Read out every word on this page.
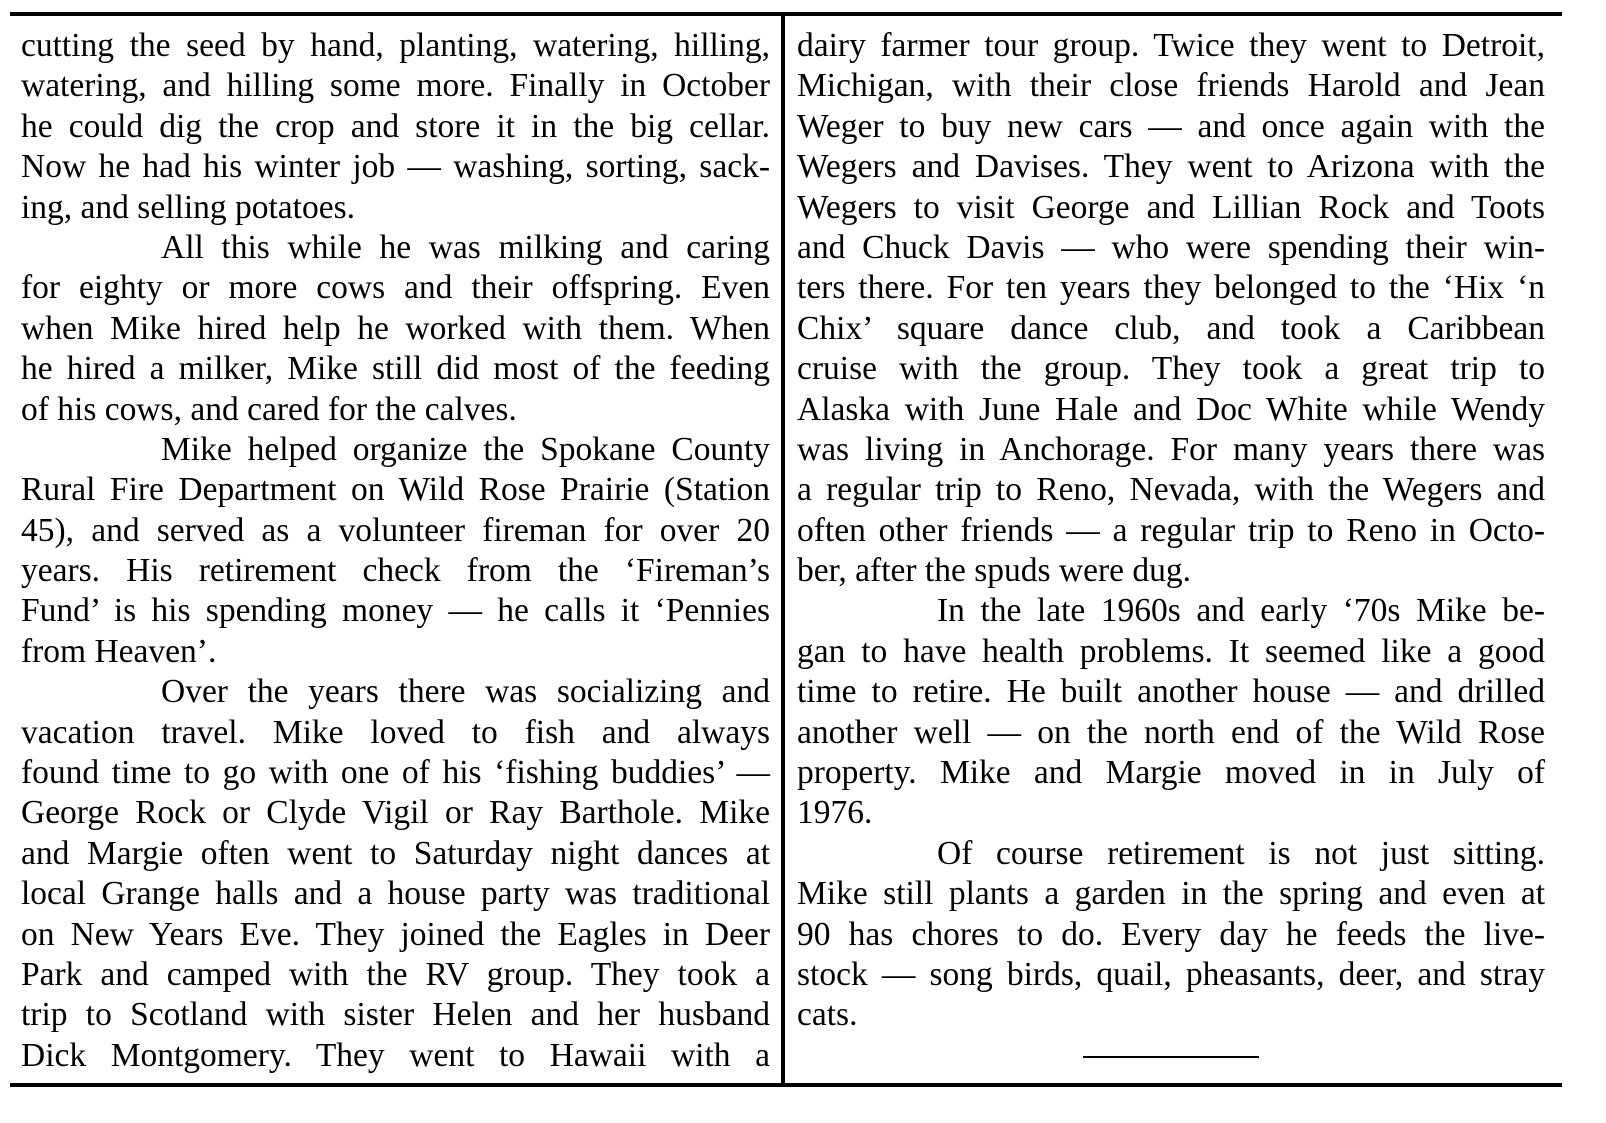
cutting the seed by hand, planting, watering, hilling,
watering, and hilling some more. Finally in October
he could dig the crop and store it in the big cellar.
Now he had his winter job — washing, sorting, sack-
ing, and selling potatoes.
All this while he was milking and caring
for eighty or more cows and their offspring. Even
when Mike hired help he worked with them. When
he hired a milker, Mike still did most of the feeding
of his cows, and cared for the calves.
Mike helped organize the Spokane County
Rural Fire Department on Wild Rose Prairie (Station
45), and served as a volunteer fireman for over 20
years. His retirement check from the ‘Fireman’s
Fund’ is his spending money — he calls it ‘Pennies
from Heaven’.
Over the years there was socializing and
vacation travel. Mike loved to fish and always
found time to go with one of his ‘fishing buddies’ —
George Rock or Clyde Vigil or Ray Barthole. Mike
and Margie often went to Saturday night dances at
local Grange halls and a house party was traditional
on New Years Eve. They joined the Eagles in Deer
Park and camped with the RV group. They took a
trip to Scotland with sister Helen and her husband
Dick Montgomery. They went to Hawaii with a
dairy farmer tour group. Twice they went to Detroit,
Michigan, with their close friends Harold and Jean
Weger to buy new cars — and once again with the
Wegers and Davises. They went to Arizona with the
Wegers to visit George and Lillian Rock and Toots
and Chuck Davis — who were spending their win-
ters there. For ten years they belonged to the ‘Hix ‘n
Chix’ square dance club, and took a Caribbean
cruise with the group. They took a great trip to
Alaska with June Hale and Doc White while Wendy
was living in Anchorage. For many years there was
a regular trip to Reno, Nevada, with the Wegers and
often other friends — a regular trip to Reno in Octo-
ber, after the spuds were dug.
In the late 1960s and early ‘70s Mike be-
gan to have health problems. It seemed like a good
time to retire. He built another house — and drilled
another well — on the north end of the Wild Rose
property. Mike and Margie moved in in July of
1976.
Of course retirement is not just sitting.
Mike still plants a garden in the spring and even at
90 has chores to do. Every day he feeds the live-
stock — song birds, quail, pheasants, deer, and stray
cats.
